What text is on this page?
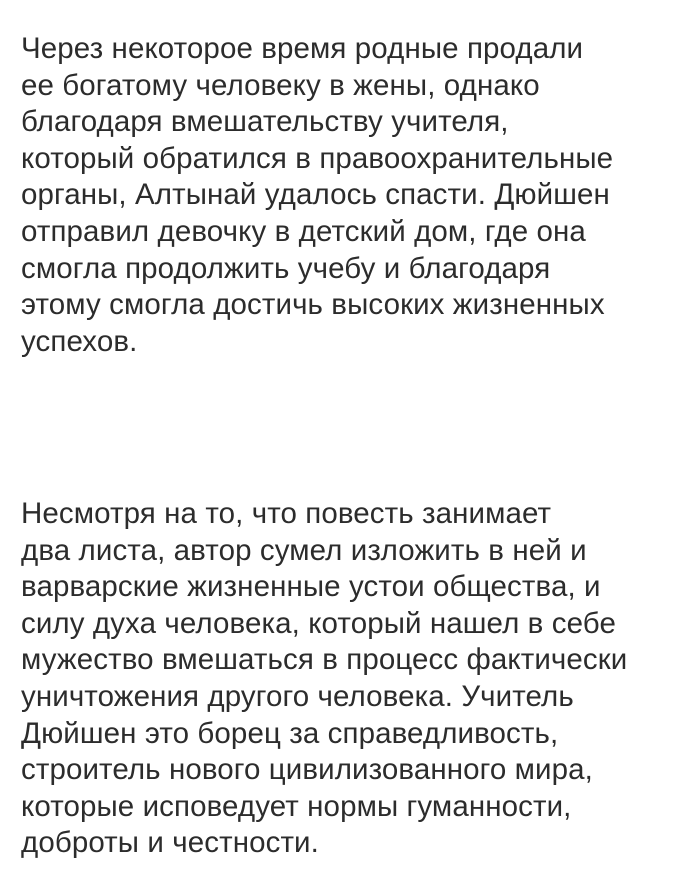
Через некоторое время родные продали
ее богатому человеку в жены, однако
благодаря вмешательству учителя,
который обратился в правоохранительные
органы, Алтынай удалось спасти. Дюйшен
отправил девочку в детский дом, где она
смогла продолжить учебу и благодаря
этому смогла достичь высоких жизненных
успехов.

Несмотря на то, что повесть занимает
два листа, автор сумел изложить в ней и
варварские жизненные устои общества, и
силу духа человека, который нашел в себе
мужество вмешаться в процесс фактически
уничтожения другого человека. Учитель
Дюйшен это борец за справедливость,
строитель нового цивилизованного мира,
которые исповедует нормы гуманности,
доброты и честности.
